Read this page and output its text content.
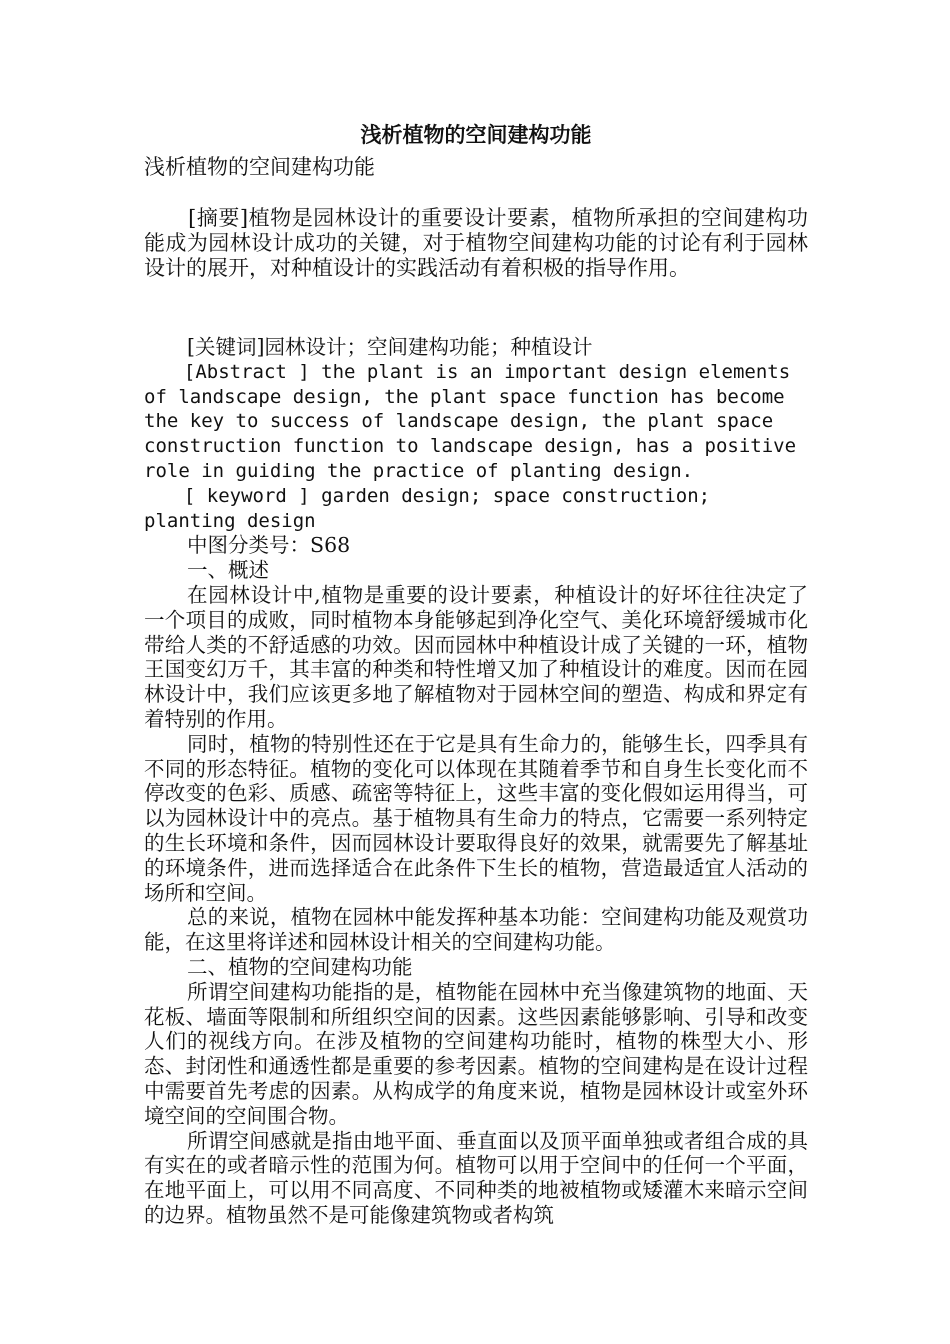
浅析植物的空间建构功能
浅析植物的空间建构功能

[摘要]植物是园林设计的重要设计要素，植物所承担的空间建构功能成为园林设计成功的关键，对于植物空间建构功能的讨论有利于园林设计的展开，对种植设计的实践活动有着积极的指导作用。

[关键词]园林设计；空间建构功能；种植设计

[Abstract ] the plant is an important design elements of landscape design, the plant space function has become the key to success of landscape design, the plant space construction function to landscape design, has a positive role in guiding the practice of planting design.

[ keyword ] garden design; space construction; planting design

中图分类号：S68

一、概述

在园林设计中,植物是重要的设计要素，种植设计的好坏往往决定了一个项目的成败，同时植物本身能够起到净化空气、美化环境舒缓城市化带给人类的不舒适感的功效。因而园林中种植设计成了关键的一环，植物王国变幻万千，其丰富的种类和特性增又加了种植设计的难度。因而在园林设计中，我们应该更多地了解植物对于园林空间的塑造、构成和界定有着特别的作用。

同时，植物的特别性还在于它是具有生命力的，能够生长，四季具有不同的形态特征。植物的变化可以体现在其随着季节和自身生长变化而不停改变的色彩、质感、疏密等特征上，这些丰富的变化假如运用得当，可以为园林设计中的亮点。基于植物具有生命力的特点，它需要一系列特定的生长环境和条件，因而园林设计要取得良好的效果，就需要先了解基址的环境条件，进而选择适合在此条件下生长的植物，营造最适宜人活动的场所和空间。

总的来说，植物在园林中能发挥种基本功能：空间建构功能及观赏功能，在这里将详述和园林设计相关的空间建构功能。

二、植物的空间建构功能

所谓空间建构功能指的是，植物能在园林中充当像建筑物的地面、天花板、墙面等限制和所组织空间的因素。这些因素能够影响、引导和改变人们的视线方向。在涉及植物的空间建构功能时，植物的株型大小、形态、封闭性和通透性都是重要的参考因素。植物的空间建构是在设计过程中需要首先考虑的因素。从构成学的角度来说，植物是园林设计或室外环境空间的空间围合物。

所谓空间感就是指由地平面、垂直面以及顶平面单独或者组合成的具有实在的或者暗示性的范围为何。植物可以用于空间中的任何一个平面，在地平面上，可以用不同高度、不同种类的地被植物或矮灌木来暗示空间的边界。植物虽然不是可能像建筑物或者构筑
